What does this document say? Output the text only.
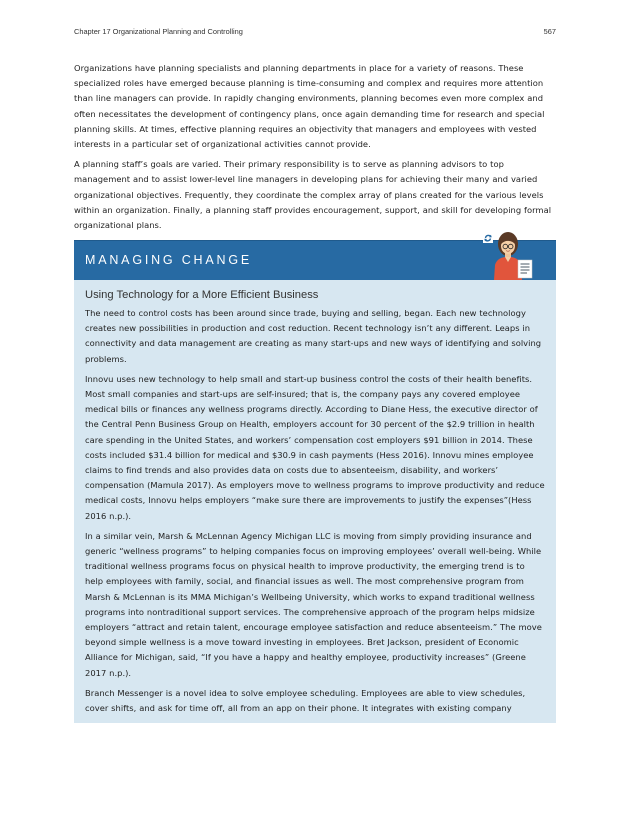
Chapter 17 Organizational Planning and Controlling	567

Organizations have planning specialists and planning departments in place for a variety of reasons. These specialized roles have emerged because planning is time-consuming and complex and requires more attention than line managers can provide. In rapidly changing environments, planning becomes even more complex and often necessitates the development of contingency plans, once again demanding time for research and special planning skills. At times, effective planning requires an objectivity that managers and employees with vested interests in a particular set of organizational activities cannot provide.

A planning staff’s goals are varied. Their primary responsibility is to serve as planning advisors to top management and to assist lower-level line managers in developing plans for achieving their many and varied organizational objectives. Frequently, they coordinate the complex array of plans created for the various levels within an organization. Finally, a planning staff provides encouragement, support, and skill for developing formal organizational plans.

MANAGING CHANGE
Using Technology for a More Efficient Business

The need to control costs has been around since trade, buying and selling, began. Each new technology creates new possibilities in production and cost reduction. Recent technology isn’t any different. Leaps in connectivity and data management are creating as many start-ups and new ways of identifying and solving problems.

Innovu uses new technology to help small and start-up business control the costs of their health benefits. Most small companies and start-ups are self-insured; that is, the company pays any covered employee medical bills or finances any wellness programs directly. According to Diane Hess, the executive director of the Central Penn Business Group on Health, employers account for 30 percent of the $2.9 trillion in health care spending in the United States, and workers’ compensation cost employers $91 billion in 2014. These costs included $31.4 billion for medical and $30.9 in cash payments (Hess 2016). Innovu mines employee claims to find trends and also provides data on costs due to absenteeism, disability, and workers’ compensation (Mamula 2017). As employers move to wellness programs to improve productivity and reduce medical costs, Innovu helps employers “make sure there are improvements to justify the expenses”(Hess 2016 n.p.).

In a similar vein, Marsh & McLennan Agency Michigan LLC is moving from simply providing insurance and generic “wellness programs” to helping companies focus on improving employees’ overall well-being. While traditional wellness programs focus on physical health to improve productivity, the emerging trend is to help employees with family, social, and financial issues as well. The most comprehensive program from Marsh & McLennan is its MMA Michigan’s Wellbeing University, which works to expand traditional wellness programs into nontraditional support services. The comprehensive approach of the program helps midsize employers “attract and retain talent, encourage employee satisfaction and reduce absenteeism.” The move beyond simple wellness is a move toward investing in employees. Bret Jackson, president of Economic Alliance for Michigan, said, “If you have a happy and healthy employee, productivity increases” (Greene 2017 n.p.).

Branch Messenger is a novel idea to solve employee scheduling. Employees are able to view schedules, cover shifts, and ask for time off, all from an app on their phone. It integrates with existing company
